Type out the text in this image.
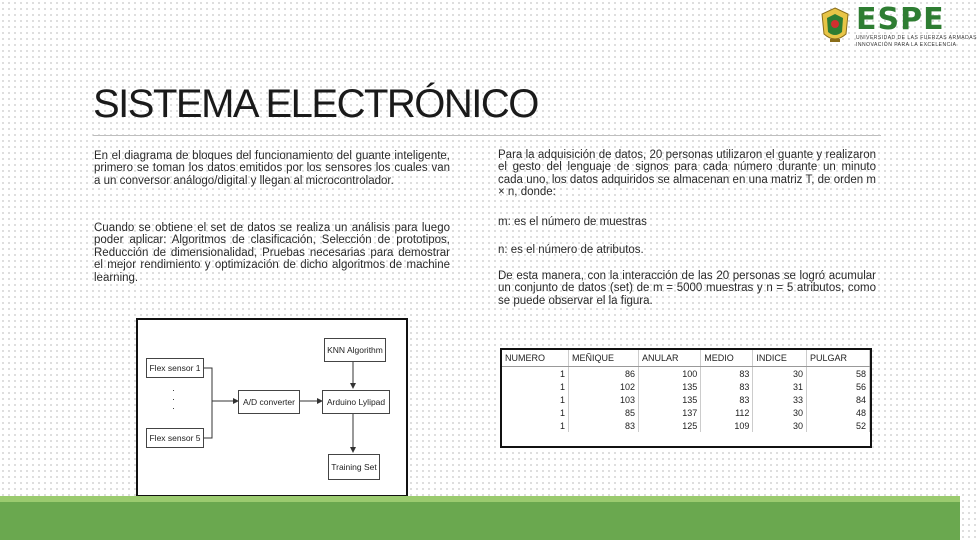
ESPE
UNIVERSIDAD DE LAS FUERZAS ARMADAS
INNOVACIÓN PARA LA EXCELENCIA
SISTEMA ELECTRÓNICO
En el diagrama de bloques del funcionamiento del guante inteligente, primero se toman los datos emitidos por los sensores los cuales van a un conversor análogo/digital y llegan al microcontrolador.
Cuando se obtiene el set de datos se realiza un análisis para luego poder aplicar: Algoritmos de clasificación, Selección de prototipos, Reducción de dimensionalidad, Pruebas necesarias para demostrar el mejor rendimiento y optimización de dicho algoritmos de machine learning.
Para la adquisición de datos, 20 personas utilizaron el guante y realizaron el gesto del lenguaje de signos para cada número durante un minuto cada uno, los datos adquiridos se almacenan en una matriz T, de orden m × n, donde:
m: es el número de muestras
n: es el número de atributos.
De esta manera, con la interacción de las 20 personas se logró acumular un conjunto de datos (set) de m = 5000 muestras y n = 5 atributos, como se puede observar el la figura.
Flex sensor 1
·
·
·
Flex sensor 5
A/D converter	Arduino Lylipad
KNN Algorithm
Training Set
NUMERO	MEÑIQUE	ANULAR	MEDIO	INDICE	PULGAR
1	86	100	83	30	58
1	102	135	83	31	56
1	103	135	83	33	84
1	85	137	112	30	48
1	83	125	109	30	52
